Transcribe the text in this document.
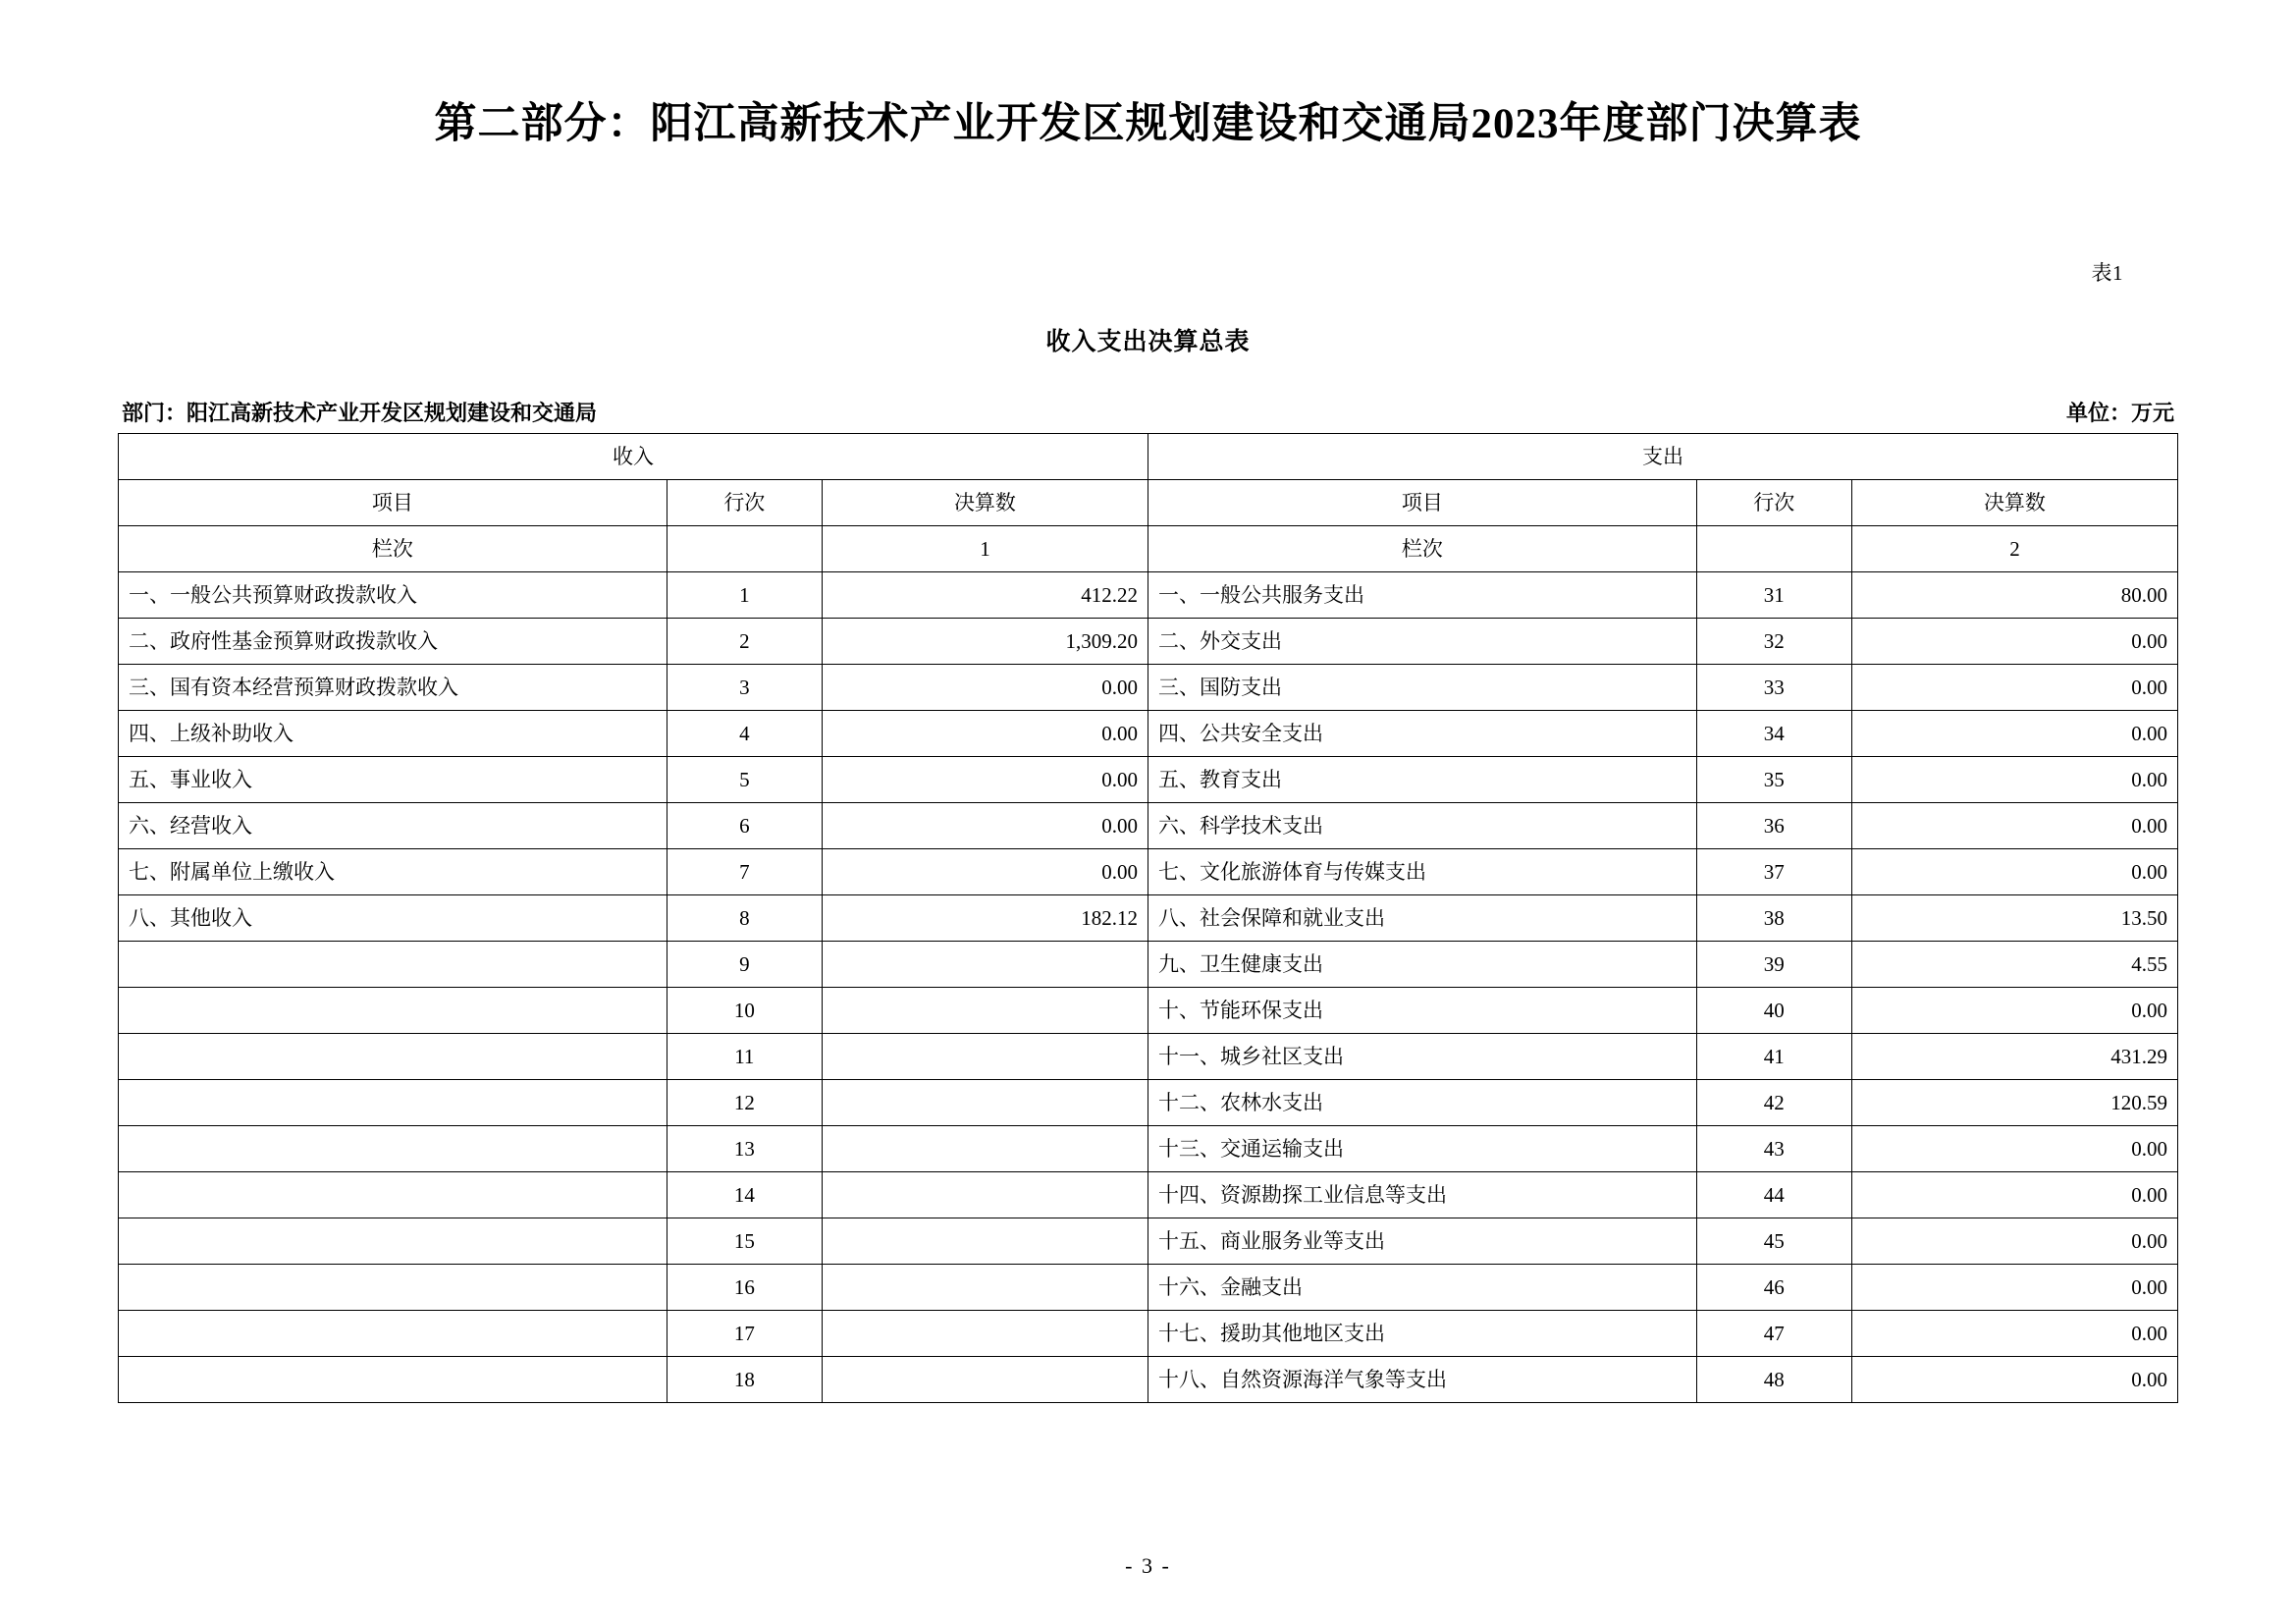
第二部分：阳江高新技术产业开发区规划建设和交通局2023年度部门决算表
表1
收入支出决算总表
部门：阳江高新技术产业开发区规划建设和交通局	单位：万元
收入			支出		
项目	行次	决算数	项目	行次	决算数
栏次		1	栏次		2
一、一般公共预算财政拨款收入	1	412.22	一、一般公共服务支出	31	80.00
二、政府性基金预算财政拨款收入	2	1,309.20	二、外交支出	32	0.00
三、国有资本经营预算财政拨款收入	3	0.00	三、国防支出	33	0.00
四、上级补助收入	4	0.00	四、公共安全支出	34	0.00
五、事业收入	5	0.00	五、教育支出	35	0.00
六、经营收入	6	0.00	六、科学技术支出	36	0.00
七、附属单位上缴收入	7	0.00	七、文化旅游体育与传媒支出	37	0.00
八、其他收入	8	182.12	八、社会保障和就业支出	38	13.50
	9		九、卫生健康支出	39	4.55
	10		十、节能环保支出	40	0.00
	11		十一、城乡社区支出	41	431.29
	12		十二、农林水支出	42	120.59
	13		十三、交通运输支出	43	0.00
	14		十四、资源勘探工业信息等支出	44	0.00
	15		十五、商业服务业等支出	45	0.00
	16		十六、金融支出	46	0.00
	17		十七、援助其他地区支出	47	0.00
	18		十八、自然资源海洋气象等支出	48	0.00
- 3 -
